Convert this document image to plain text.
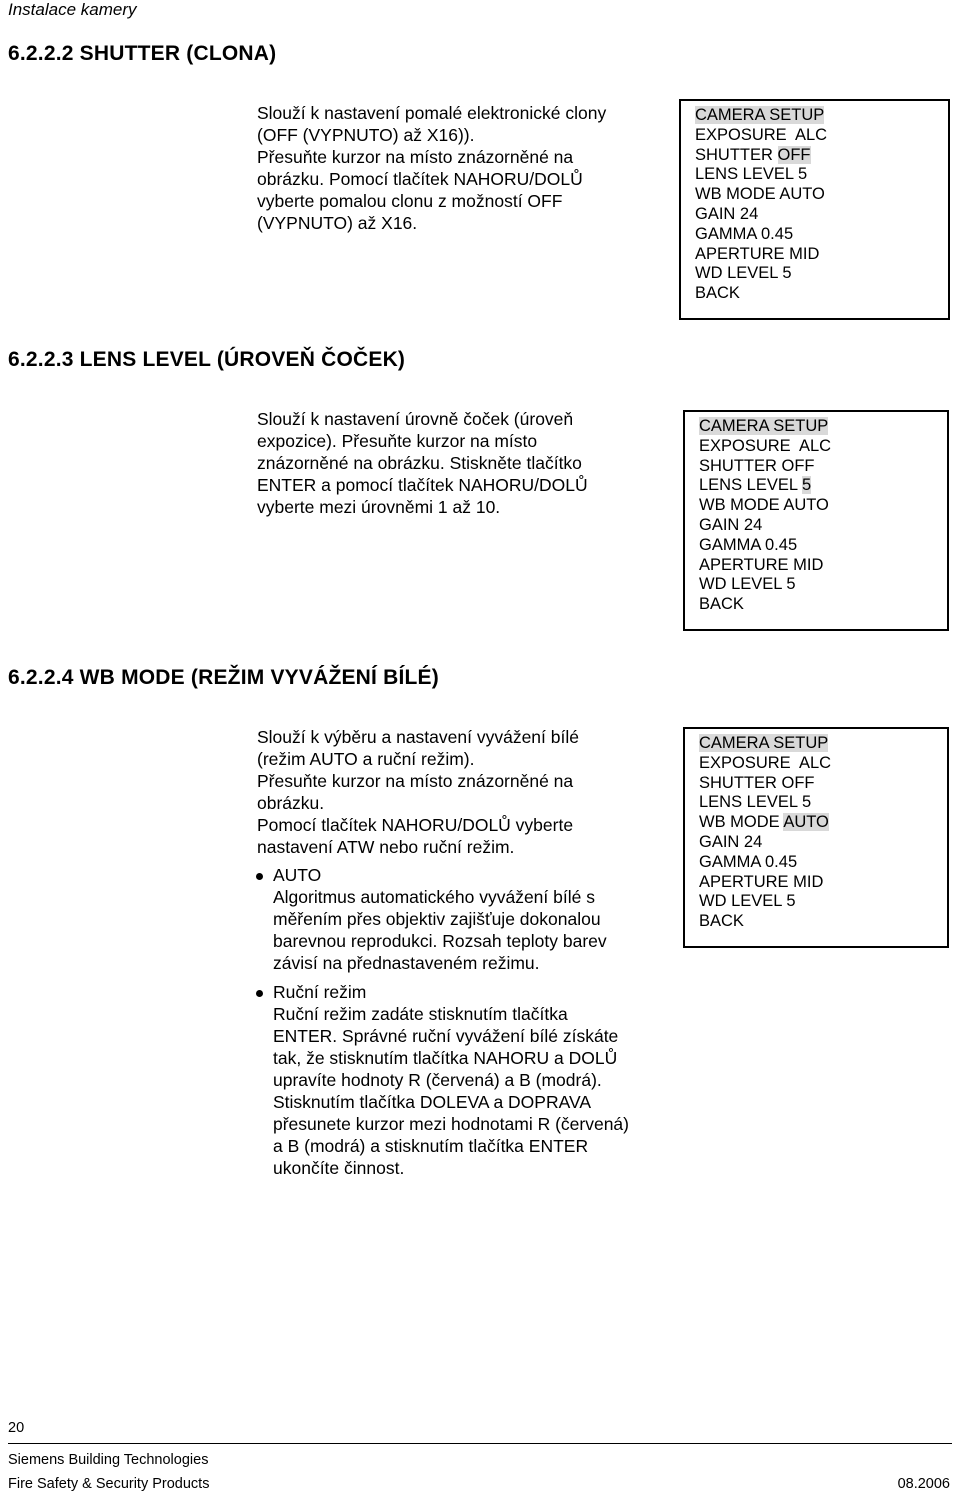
Instalace kamery
6.2.2.2 SHUTTER (CLONA)

Slouží k nastavení pomalé elektronické clony

(OFF (VYPNUTO) až X16)).

Přesuňte kurzor na místo znázorněné na

obrázku. Pomocí tlačítek NAHORU/DOLŮ

vyberte pomalou clonu z možností OFF

(VYPNUTO) až X16.

CAMERA SETUP
EXPOSURE  ALC
SHUTTER OFF
LENS LEVEL 5
WB MODE AUTO
GAIN 24
GAMMA 0.45
APERTURE MID
WD LEVEL 5
BACK
6.2.2.3 LENS LEVEL (ÚROVEŇ ČOČEK)

Slouží k nastavení úrovně čoček (úroveň

expozice). Přesuňte kurzor na místo

znázorněné na obrázku. Stiskněte tlačítko

ENTER a pomocí tlačítek NAHORU/DOLŮ

vyberte mezi úrovněmi 1 až 10.

CAMERA SETUP
EXPOSURE  ALC
SHUTTER OFF
LENS LEVEL 5
WB MODE AUTO
GAIN 24
GAMMA 0.45
APERTURE MID
WD LEVEL 5
BACK
6.2.2.4 WB MODE (REŽIM VYVÁŽENÍ BÍLÉ)

Slouží k výběru a nastavení vyvážení bílé

(režim AUTO a ruční režim).

Přesuňte kurzor na místo znázorněné na

obrázku.

Pomocí tlačítek NAHORU/DOLŮ vyberte

nastavení ATW nebo ruční režim.

AUTO

Algoritmus automatického vyvážení bílé s

měřením přes objektiv zajišťuje dokonalou

barevnou reprodukci. Rozsah teploty barev

závisí na přednastaveném režimu.

Ruční režim

Ruční režim zadáte stisknutím tlačítka

ENTER. Správné ruční vyvážení bílé získáte

tak, že stisknutím tlačítka NAHORU a DOLŮ

upravíte hodnoty R (červená) a B (modrá).

Stisknutím tlačítka DOLEVA a DOPRAVA

přesunete kurzor mezi hodnotami R (červená)

a B (modrá) a stisknutím tlačítka ENTER

ukončíte činnost.

CAMERA SETUP
EXPOSURE  ALC
SHUTTER OFF
LENS LEVEL 5
WB MODE AUTO
GAIN 24
GAMMA 0.45
APERTURE MID
WD LEVEL 5
BACK
20
Siemens Building Technologies
Fire Safety & Security Products	08.2006
